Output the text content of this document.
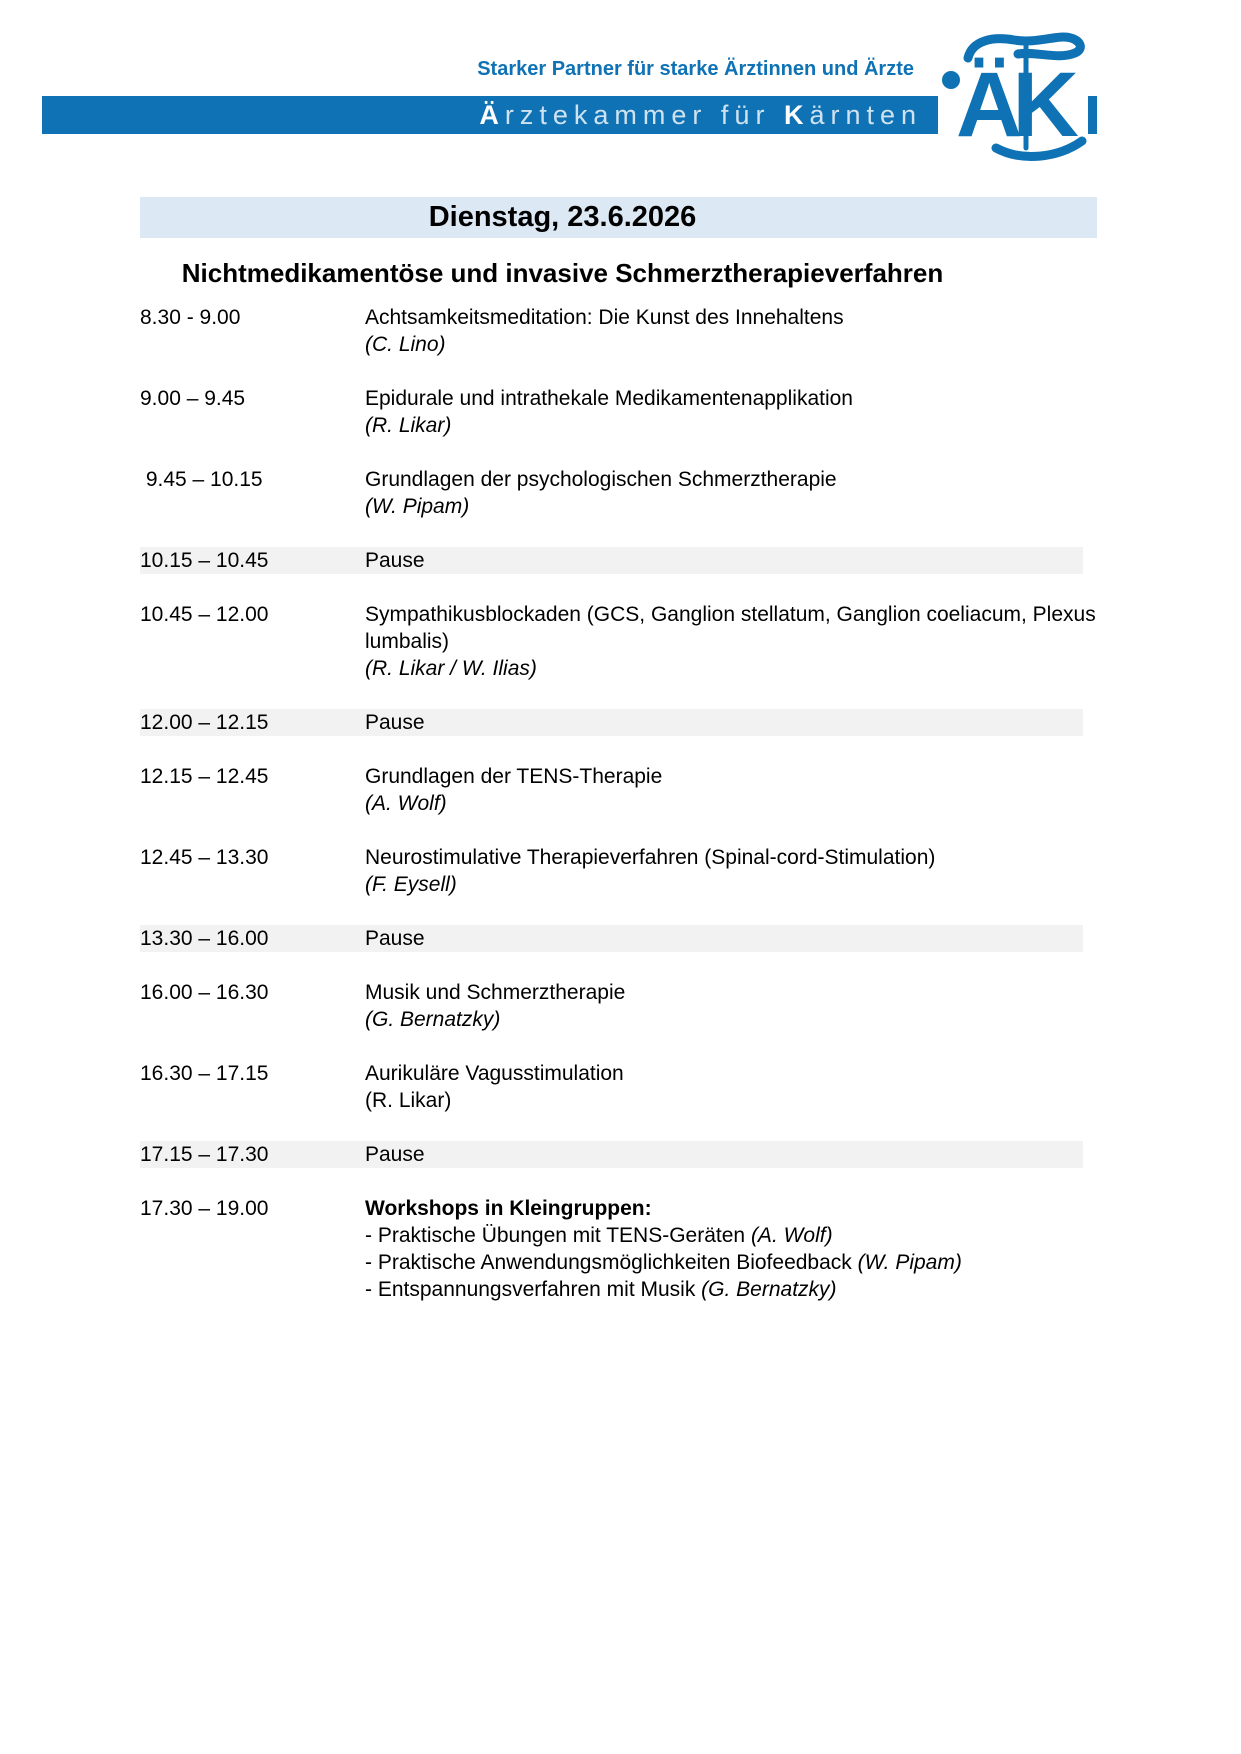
Starker Partner für starke Ärztinnen und Ärzte
Ä rztekammer für K ärnten ÄK
Dienstag, 23.6.2026
Nichtmedikamentöse und invasive Schmerztherapieverfahren
8.30 - 9.00	Achtsamkeitsmeditation: Die Kunst des Innehaltens
(C. Lino)
9.00 – 9.45	Epidurale und intrathekale Medikamentenapplikation
(R. Likar)
9.45 – 10.15	Grundlagen der psychologischen Schmerztherapie
(W. Pipam)
10.15 – 10.45	Pause
10.45 – 12.00	Sympathikusblockaden (GCS, Ganglion stellatum, Ganglion coeliacum, Plexus lumbalis)
(R. Likar / W. Ilias)
12.00 – 12.15	Pause
12.15 – 12.45	Grundlagen der TENS-Therapie
(A. Wolf)
12.45 – 13.30	Neurostimulative Therapieverfahren (Spinal-cord-Stimulation)
(F. Eysell)
13.30 – 16.00	Pause
16.00 – 16.30	Musik und Schmerztherapie
(G. Bernatzky)
16.30 – 17.15	Aurikuläre Vagusstimulation
(R. Likar)
17.15 – 17.30	Pause
17.30 – 19.00	Workshops in Kleingruppen:
- Praktische Übungen mit TENS-Geräten (A. Wolf)
- Praktische Anwendungsmöglichkeiten Biofeedback (W. Pipam)
- Entspannungsverfahren mit Musik (G. Bernatzky)
